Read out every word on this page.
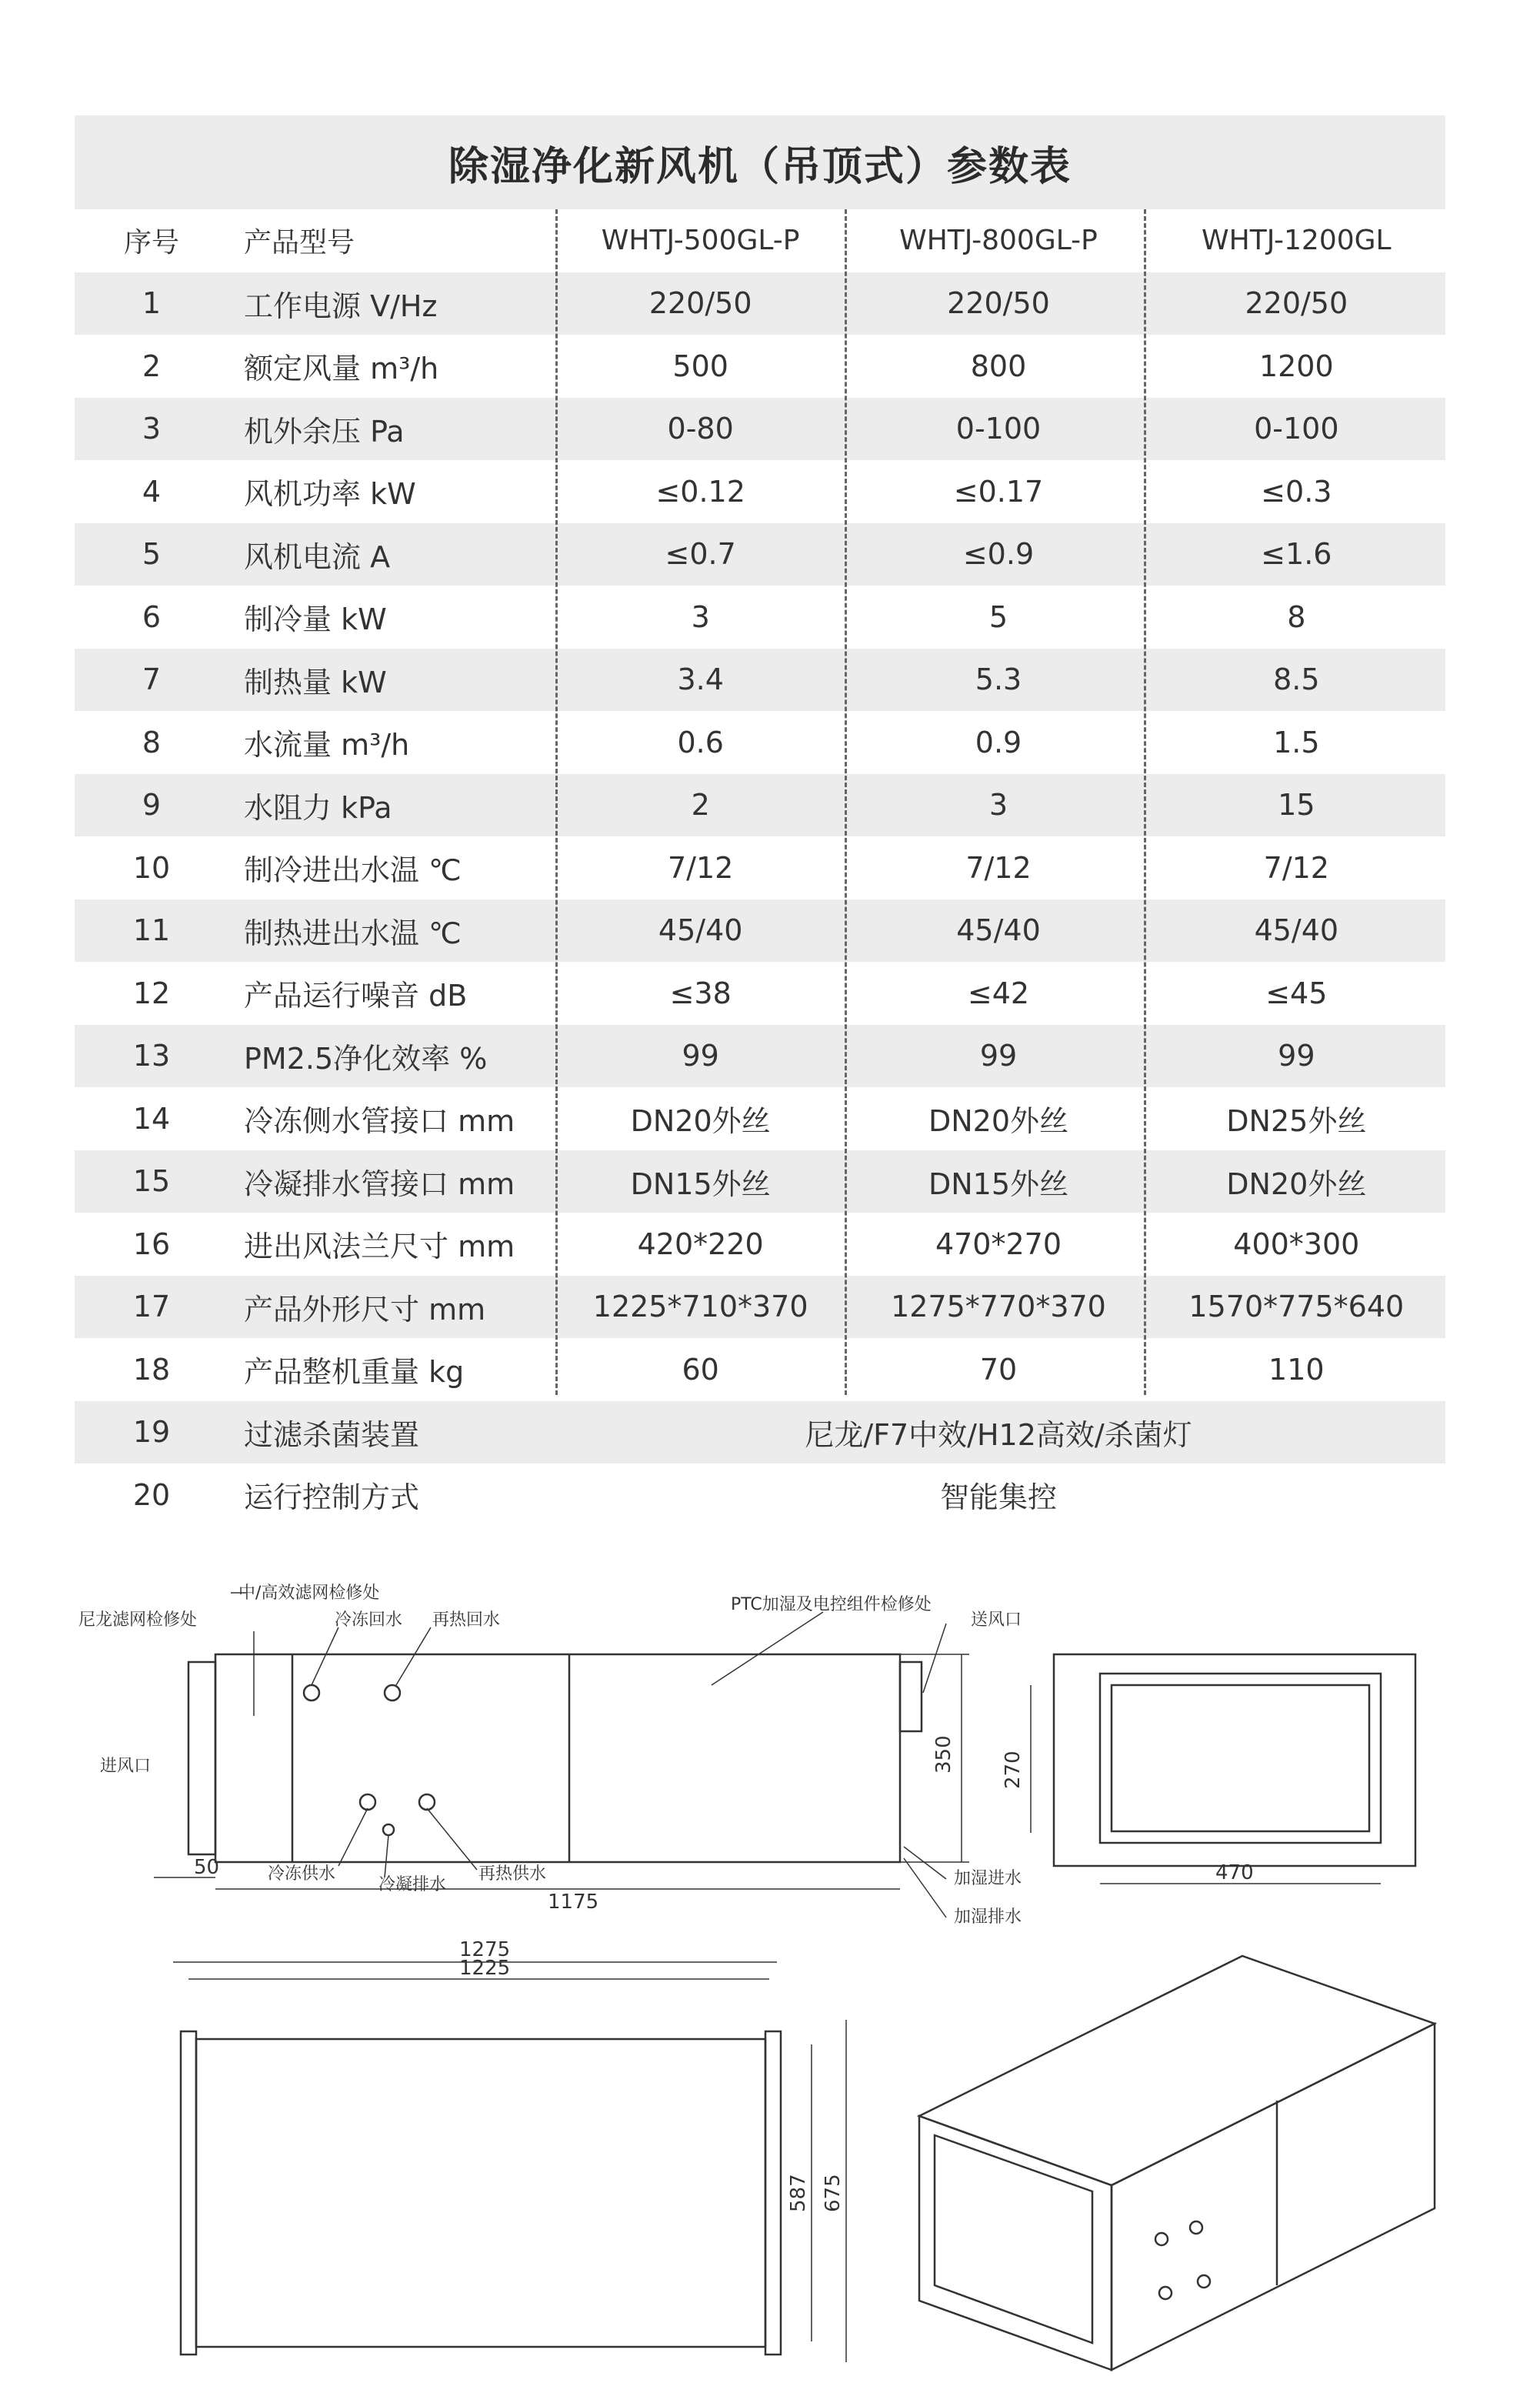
除湿净化新风机（吊顶式）参数表
序号	产品型号	WHTJ-500GL-P	WHTJ-800GL-P	WHTJ-1200GL
1	工作电源 V/Hz	220/50	220/50	220/50
2	额定风量 m³/h	500	800	1200
3	机外余压 Pa	0-80	0-100	0-100
4	风机功率 kW	≤0.12	≤0.17	≤0.3
5	风机电流 A	≤0.7	≤0.9	≤1.6
6	制冷量 kW	3	5	8
7	制热量 kW	3.4	5.3	8.5
8	水流量 m³/h	0.6	0.9	1.5
9	水阻力 kPa	2	3	15
10	制冷进出水温 ℃	7/12	7/12	7/12
11	制热进出水温 ℃	45/40	45/40	45/40
12	产品运行噪音 dB	≤38	≤42	≤45
13	PM2.5净化效率 %	99	99	99
14	冷冻侧水管接口 mm	DN20外丝	DN20外丝	DN25外丝
15	冷凝排水管接口 mm	DN15外丝	DN15外丝	DN20外丝
16	进出风法兰尺寸 mm	420*220	470*270	400*300
17	产品外形尺寸 mm	1225*710*370	1275*770*370	1570*775*640
18	产品整机重量 kg	60	70	110
19	过滤杀菌装置	尼龙/F7中效/H12高效/杀菌灯
20	运行控制方式	智能集控
中/高效滤网检修处
尼龙滤网检修处	冷冻回水 再热回水
PTC加湿及电控组件检修处
送风口
进风口
冷冻供水
冷凝排水
再热供水	加湿进水
加湿排水
50
1175
350 270
470
1275
1225
587 675
